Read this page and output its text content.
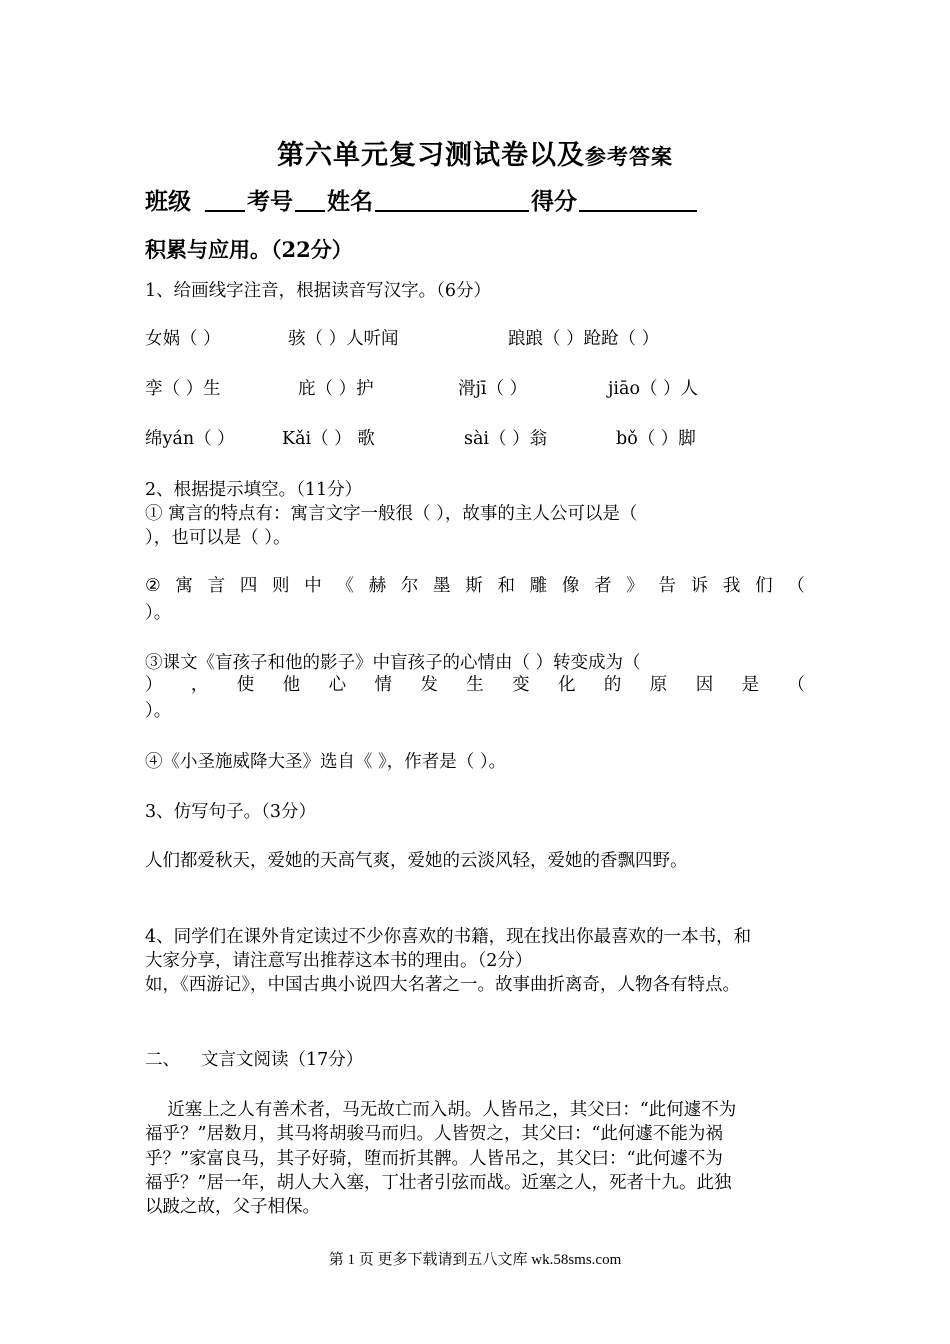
第六单元复习测试卷以及参考答案
班级 考号 姓名	得分
积累与应用。（22分）
1、给画线字注音，根据读音写汉字。（6分）
女娲（ ）	骇（ ）人听闻	踉踉（ ）跄跄（ ）
孪（ ）生	庇（ ）护	滑jī（ ）	jiāo（ ）人
绵yán（ ）	Kǎi（ ） 歌	sài（ ）翁	bǒ（ ）脚
2、根据提示填空。（11分）
① 寓言的特点有：寓言文字一般很（ ），故事的主人公可以是（
），也可以是（ ）。
② 寓 言 四 则 中 《 赫 尔 墨 斯 和 雕 像 者 》 告 诉 我 们 （
）。
③课文《盲孩子和他的影子》中盲孩子的心情由（ ）转变成为（
） ， 使 他 心 情 发 生 变 化 的 原 因 是 （
）。
④《小圣施威降大圣》选自《 》，作者是（ ）。
3、仿写句子。（3分）
人们都爱秋天，爱她的天高气爽，爱她的云淡风轻，爱她的香飘四野。
4、同学们在课外肯定读过不少你喜欢的书籍，现在找出你最喜欢的一本书，和
大家分享，请注意写出推荐这本书的理由。（2分）
如，《西游记》，中国古典小说四大名著之一。故事曲折离奇，人物各有特点。
二、 文言文阅读（17分）
近塞上之人有善术者，马无故亡而入胡。人皆吊之，其父曰：“此何遽不为
福乎？”居数月，其马将胡骏马而归。人皆贺之，其父曰：“此何遽不能为祸
乎？”家富良马，其子好骑，堕而折其髀。人皆吊之，其父曰：“此何遽不为
福乎？”居一年，胡人大入塞，丁壮者引弦而战。近塞之人，死者十九。此独
以跛之故，父子相保。
第 1 页 更多下载请到五八文库 wk.58sms.com
